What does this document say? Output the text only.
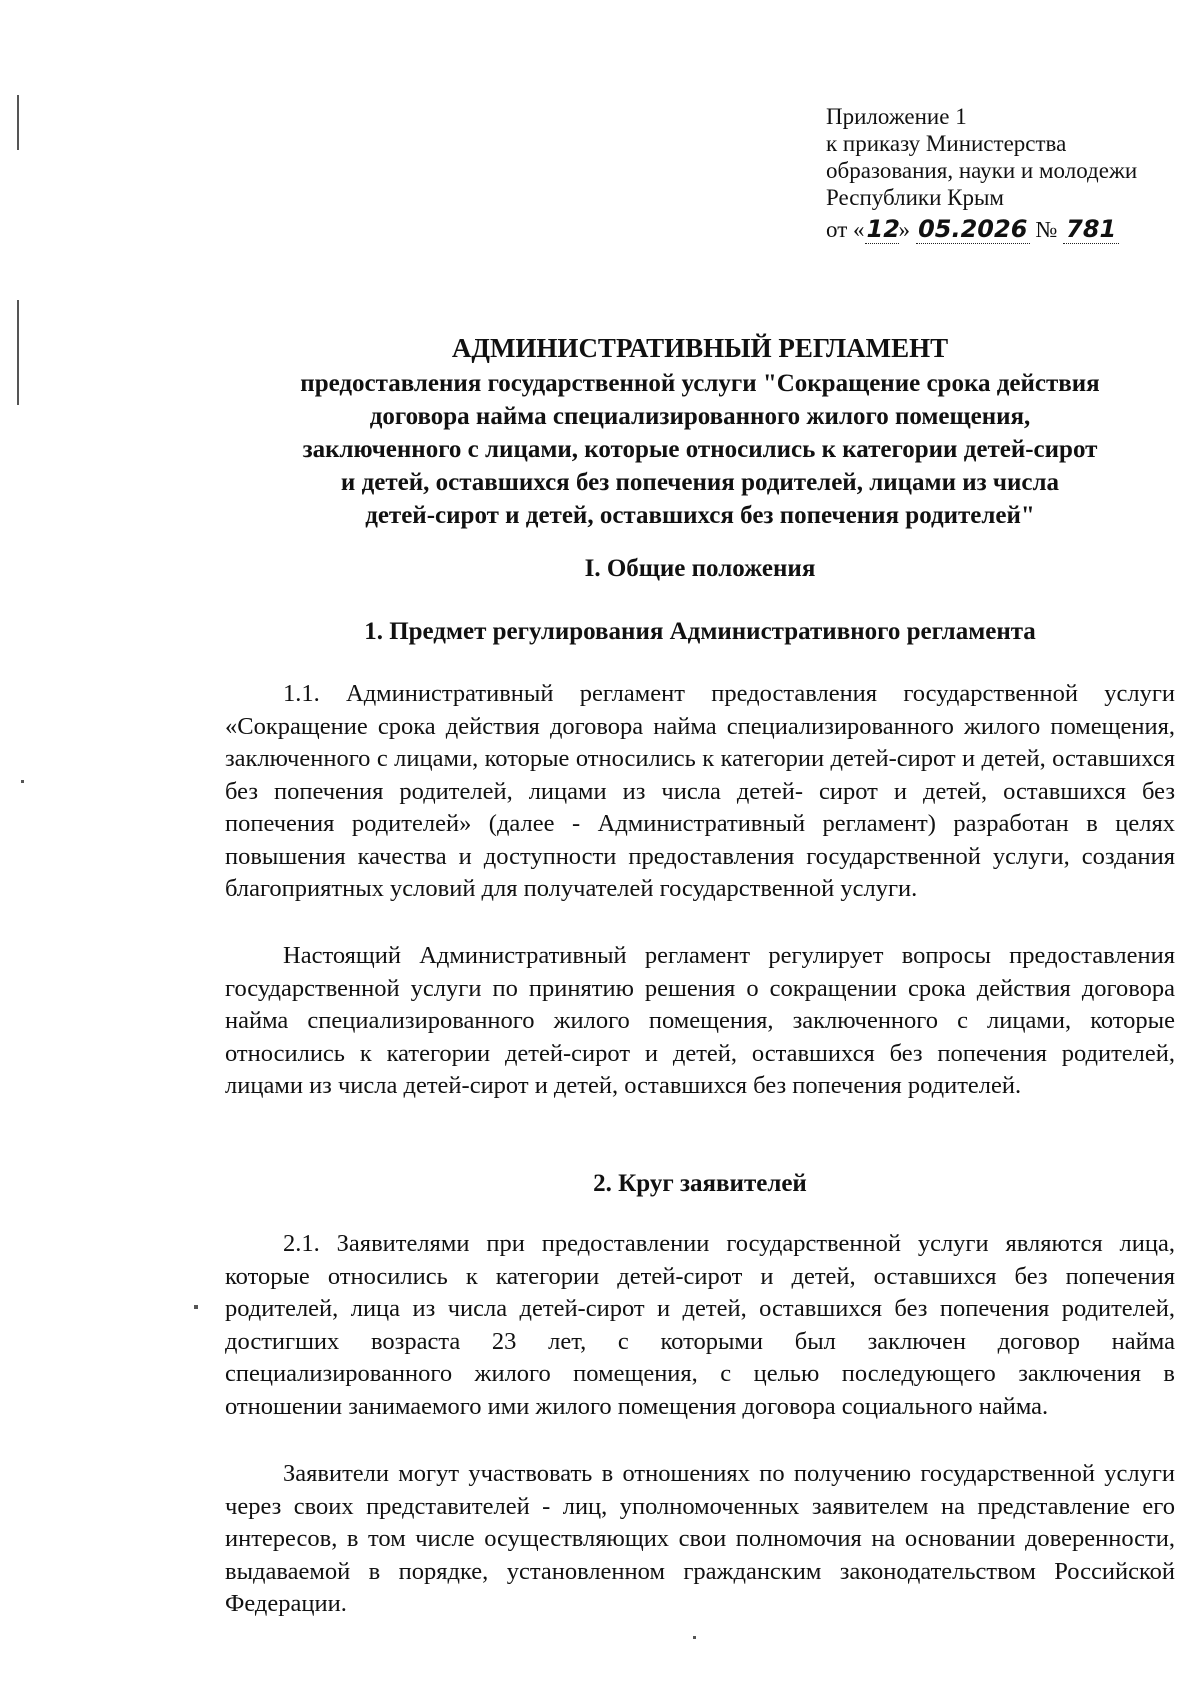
Приложение 1
к приказу Министерства
образования, науки и молодежи
Республики Крым
от «12» 05.2026 № 781
АДМИНИСТРАТИВНЫЙ РЕГЛАМЕНТ
предоставления государственной услуги "Сокращение срока действия
договора найма специализированного жилого помещения,
заключенного с лицами, которые относились к категории детей-сирот
и детей, оставшихся без попечения родителей, лицами из числа
детей-сирот и детей, оставшихся без попечения родителей"
I. Общие положения
1. Предмет регулирования Административного регламента

1.1. Административный регламент предоставления государственной услуги «Сокращение срока действия договора найма специализированного жилого помещения, заключенного с лицами, которые относились к категории детей-сирот и детей, оставшихся без попечения родителей, лицами из числа детей- сирот и детей, оставшихся без попечения родителей» (далее - Административный регламент) разработан в целях повышения качества и доступности предоставления государственной услуги, создания благоприятных условий для получателей государственной услуги.

Настоящий Административный регламент регулирует вопросы предоставления государственной услуги по принятию решения о сокращении срока действия договора найма специализированного жилого помещения, заключенного с лицами, которые относились к категории детей-сирот и детей, оставшихся без попечения родителей, лицами из числа детей-сирот и детей, оставшихся без попечения родителей.

2. Круг заявителей

2.1. Заявителями при предоставлении государственной услуги являются лица, которые относились к категории детей-сирот и детей, оставшихся без попечения родителей, лица из числа детей-сирот и детей, оставшихся без попечения родителей, достигших возраста 23 лет, с которыми был заключен договор найма специализированного жилого помещения, с целью последующего заключения в отношении занимаемого ими жилого помещения договора социального найма.

Заявители могут участвовать в отношениях по получению государственной услуги через своих представителей - лиц, уполномоченных заявителем на представление его интересов, в том числе осуществляющих свои полномочия на основании доверенности, выдаваемой в порядке, установленном гражданским законодательством Российской Федерации.
